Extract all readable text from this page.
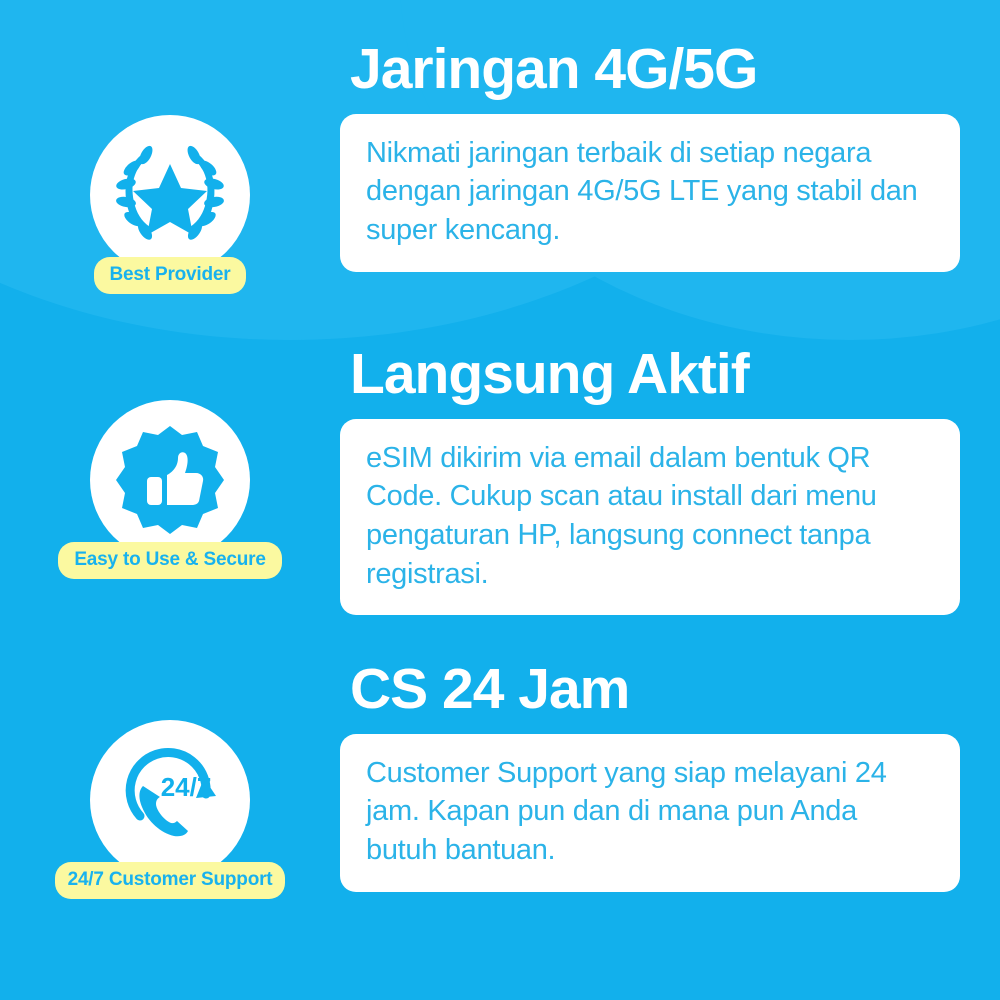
Best Provider
Jaringan 4G/5G

Nikmati jaringan terbaik di setiap negara dengan jaringan 4G/5G LTE yang stabil dan super kencang.

Easy to Use & Secure
Langsung Aktif

eSIM dikirim via email dalam bentuk QR Code. Cukup scan atau install dari menu pengaturan HP, langsung connect tanpa registrasi.

24/7
24/7 Customer Support
CS 24 Jam

Customer Support yang siap melayani 24 jam. Kapan pun dan di mana pun Anda butuh bantuan.
